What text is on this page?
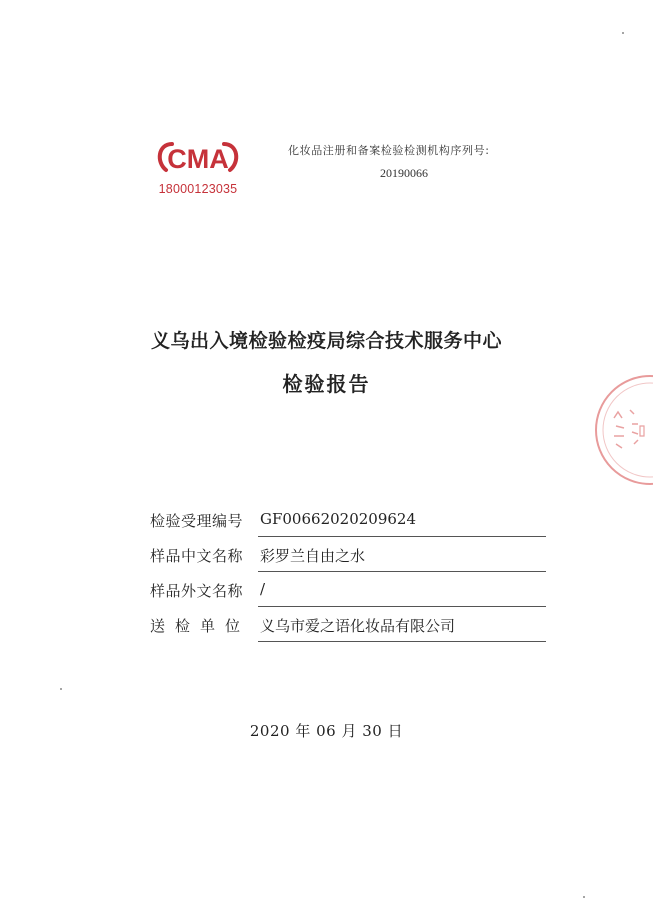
CMA
18000123035
化妆品注册和备案检验检测机构序列号:
20190066
义乌出入境检验检疫局综合技术服务中心
检验报告
检验受理编号	GF00662020209624
样品中文名称	彩罗兰自由之水
样品外文名称	/
送检单位 义乌市爱之语化妆品有限公司
2020 年 06 月 30 日
